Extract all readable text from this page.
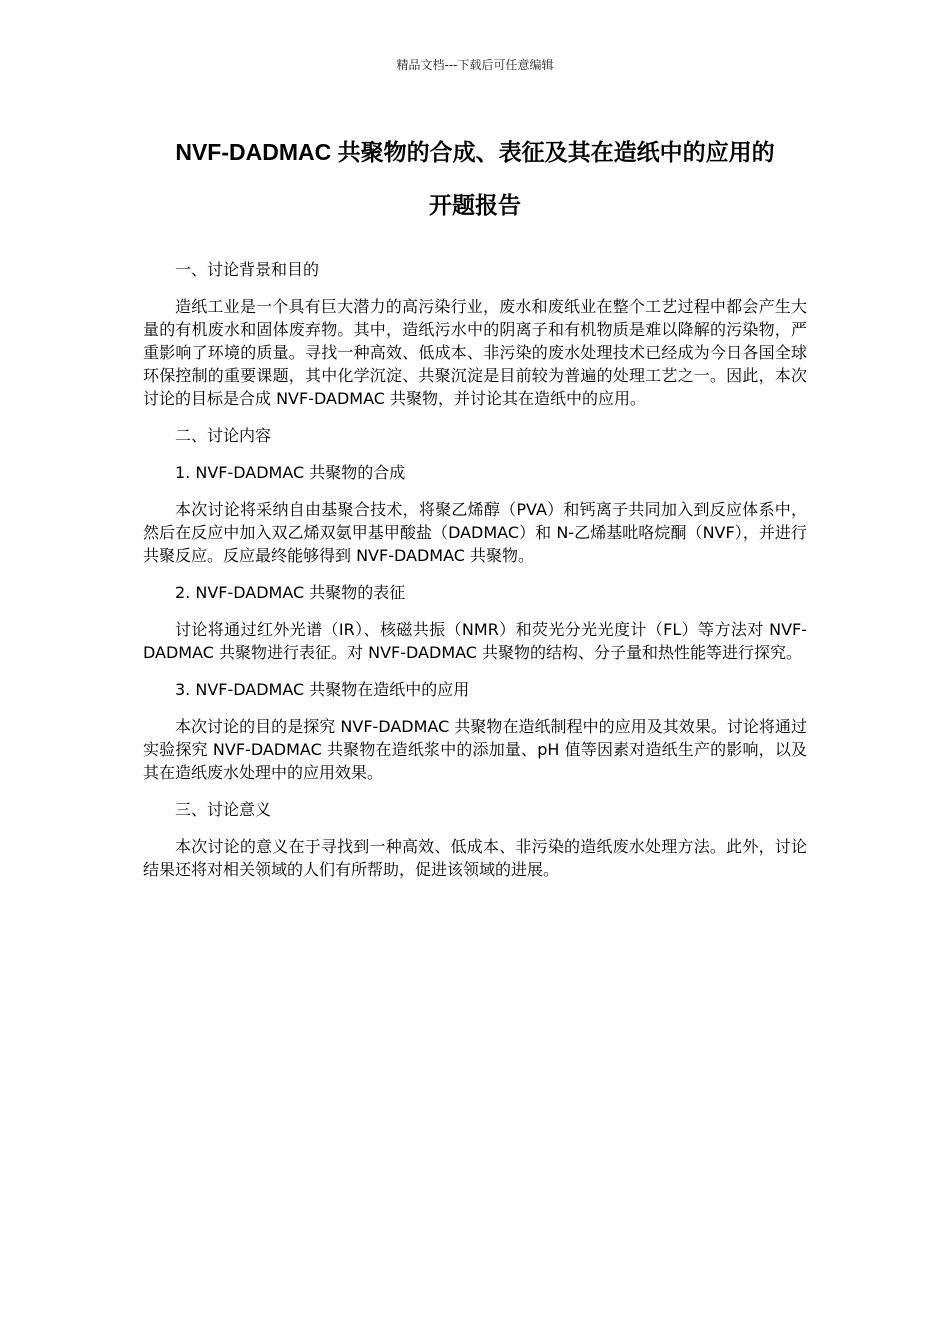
精品文档---下载后可任意编辑
NVF-DADMAC 共聚物的合成、表征及其在造纸中的应用的
开题报告

一、讨论背景和目的

造纸工业是一个具有巨大潜力的高污染行业，废水和废纸业在整个工艺过程中都会产生大量的有机废水和固体废弃物。其中，造纸污水中的阴离子和有机物质是难以降解的污染物，严重影响了环境的质量。寻找一种高效、低成本、非污染的废水处理技术已经成为今日各国全球环保控制的重要课题，其中化学沉淀、共聚沉淀是目前较为普遍的处理工艺之一。因此，本次讨论的目标是合成 NVF-DADMAC 共聚物，并讨论其在造纸中的应用。

二、讨论内容

1. NVF-DADMAC 共聚物的合成

本次讨论将采纳自由基聚合技术，将聚乙烯醇（PVA）和钙离子共同加入到反应体系中，然后在反应中加入双乙烯双氨甲基甲酸盐（DADMAC）和 N-乙烯基吡咯烷酮（NVF），并进行共聚反应。反应最终能够得到 NVF-DADMAC 共聚物。

2. NVF-DADMAC 共聚物的表征

讨论将通过红外光谱（IR）、核磁共振（NMR）和荧光分光光度计（FL）等方法对 NVF-DADMAC 共聚物进行表征。对 NVF-DADMAC 共聚物的结构、分子量和热性能等进行探究。

3. NVF-DADMAC 共聚物在造纸中的应用

本次讨论的目的是探究 NVF-DADMAC 共聚物在造纸制程中的应用及其效果。讨论将通过实验探究 NVF-DADMAC 共聚物在造纸浆中的添加量、pH 值等因素对造纸生产的影响，以及其在造纸废水处理中的应用效果。

三、讨论意义

本次讨论的意义在于寻找到一种高效、低成本、非污染的造纸废水处理方法。此外，讨论结果还将对相关领域的人们有所帮助，促进该领域的进展。
